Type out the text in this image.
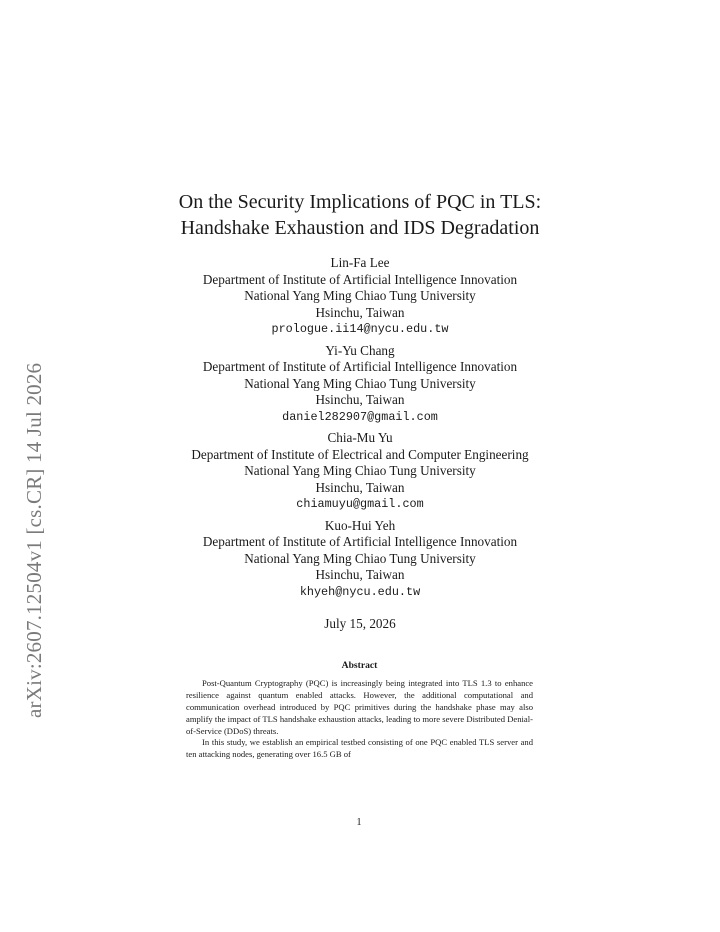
arXiv:2607.12504v1 [cs.CR] 14 Jul 2026
On the Security Implications of PQC in TLS:
Handshake Exhaustion and IDS Degradation
Lin-Fa Lee
Department of Institute of Artificial Intelligence Innovation
National Yang Ming Chiao Tung University
Hsinchu, Taiwan
prologue.ii14@nycu.edu.tw
Yi-Yu Chang
Department of Institute of Artificial Intelligence Innovation
National Yang Ming Chiao Tung University
Hsinchu, Taiwan
daniel282907@gmail.com
Chia-Mu Yu
Department of Institute of Electrical and Computer Engineering
National Yang Ming Chiao Tung University
Hsinchu, Taiwan
chiamuyu@gmail.com
Kuo-Hui Yeh
Department of Institute of Artificial Intelligence Innovation
National Yang Ming Chiao Tung University
Hsinchu, Taiwan
khyeh@nycu.edu.tw
July 15, 2026
Abstract

Post-Quantum Cryptography (PQC) is increasingly being integrated into TLS 1.3 to enhance resilience against quantum enabled attacks. However, the additional computational and communication overhead introduced by PQC primitives during the handshake phase may also amplify the impact of TLS handshake exhaustion attacks, leading to more severe Distributed Denial-of-Service (DDoS) threats.

In this study, we establish an empirical testbed consisting of one PQC enabled TLS server and ten attacking nodes, generating over 16.5 GB of

1
